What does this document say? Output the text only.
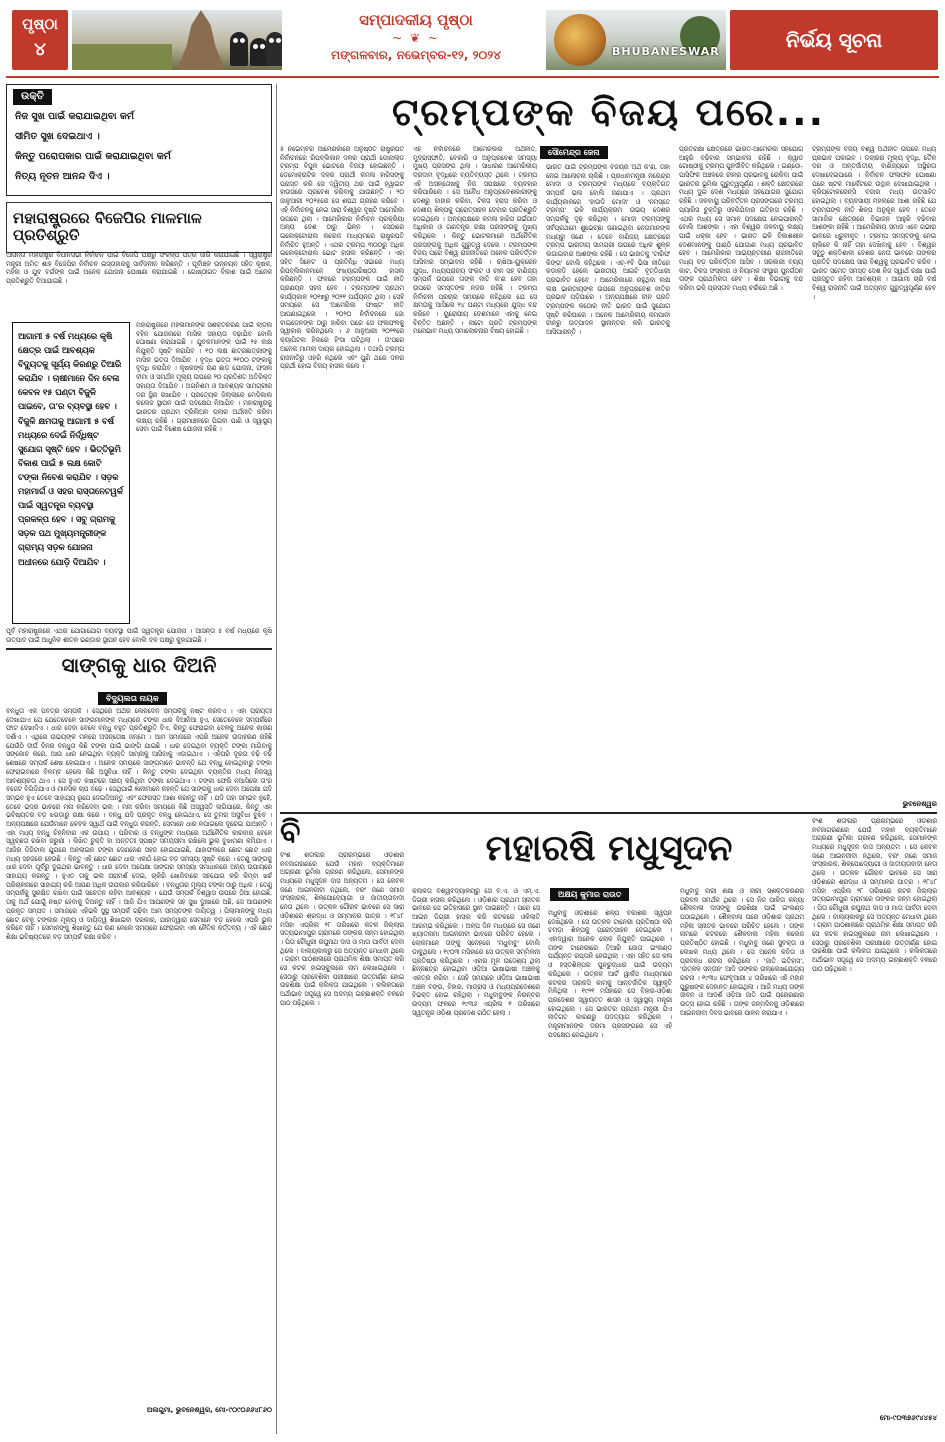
ପୃଷ୍ଠା
୪
ସମ୍ପାଦକୀୟ ପୃଷ୍ଠା
~ ❦ ~
ମଙ୍ଗଳବାର, ନଭେମ୍ବର-୧୨, ୨୦୨୪	BHUBANESWAR	ନିର୍ଭୟ ସୂଚନା
ଉକ୍ତି

ନିଜ ସୁଖ ପାଇଁ କରାଯାଇଥିବା କର୍ମ

ସୀମିତ ସୁଖ ଦେଇଥାଏ ।

କିନ୍ତୁ ପରୋପକାର ପାଇଁ କରାଯାଇଥିବା କର୍ମ

ନିତ୍ୟ ନୂତନ ଆନନ୍ଦ ଦିଏ ।

ମହାରାଷ୍ଟ୍ରରେ ବିଜେପିର ମାଳମାଳ ପ୍ରତିଶ୍ରୁତି

ଆସନ୍ତା ମହାରାଷ୍ଟ୍ର ବିଧାନସଭା ନିର୍ବାଚନ ପାଇଁ ବିଜେପି ପକ୍ଷରୁ ସଂକଳ୍ପ ପତ୍ର ଜାରି କରାଯାଇଛି । ସ୍ୱରାଷ୍ଟ୍ର ମନ୍ତ୍ରୀ ଅମିତ ଶାହ ବିଜେପିର ନିର୍ବାଚନ ଇସ୍ତାହାରକୁ ସାର୍ବଜନୀନ କରିଛନ୍ତି । ପୂର୍ବାଞ୍ଚଳ ଉନ୍ନୟନ ସହିତ କୃଷକ, ମହିଳା ଓ ଯୁବ ବର୍ଗଙ୍କ ପାଇଁ ଅନେକ ଯୋଜନା ଘୋଷଣା କରାଯାଇଛି । ଗୋଷ୍ଠୀଗତ ବିକାଶ ପାଇଁ ଅନେକ ପ୍ରତିଶ୍ରୁତି ଦିଆଯାଇଛି ।

ଆଗାମୀ ୫ ବର୍ଷ ମଧ୍ୟରେ କୃଷି କ୍ଷେତ୍ର ପାଇଁ ଆବଶ୍ୟକ ବିଦ୍ୟୁତକୁ ସୂର୍ଯ୍ୟ କିରଣରୁ ତିଆରି କରାଯିବ । ଚାଷୀମାନେ ଦିନ ବେଳା କେବଳ ୧୫ ଘଣ୍ଟା ବିଜୁଳି ପାଇବେ, ତା'ର ବ୍ୟବସ୍ଥା ହେବ । ବିଜୁଳି କ୍ଷମତାକୁ ଆଗାମୀ ୫ ବର୍ଷ ମଧ୍ୟରେ ଦେଇଁ ନିର୍ଦ୍ଧିଷ୍ଟ ସୁଯୋଗ ସୃଷ୍ଟି ହେବ । ଭିତ୍ତିଭୂମି ବିକାଶ ପାଇଁ ୫ ଲକ୍ଷ କୋଟି ଟଙ୍କା ନିବେଶ କରାଯିବ । ସଡ଼କ ମହାମାର୍ଗ ଓ ସହର ରାସ୍ତାନେଟୱର୍କ ପାଇଁ ସ୍ୱତନ୍ତ୍ର ବ୍ୟବସ୍ଥା ପ୍ରକଳ୍ପ ହେବ । ସବୁ ଗ୍ରାମକୁ ସଡ଼କ ପଥ ମୁଖ୍ୟମନ୍ତ୍ରୀଙ୍କ ଗ୍ରାମ୍ୟ ସଡ଼କ ଯୋଜନା ଅଧୀନରେ ଯୋଡ଼ି ଦିଆଯିବ ।

ମହାରାଷ୍ଟ୍ରରେ ମହିଳାମାନଙ୍କ ସଶକ୍ତିକରଣ ପାଇଁ ଲାଡ଼ଲି ବହିନ ଯୋଜନାରେ ମାସିକ ସହାୟତା ବଢ଼ାଯିବ ବୋଲି ଘୋଷଣା କରାଯାଇଛି । ଯୁବକମାନଙ୍କ ପାଇଁ ୨୫ ଲକ୍ଷ ନିଯୁକ୍ତି ସୃଷ୍ଟି କରାଯିବ । ୧୦ ଲକ୍ଷ ଛାତ୍ରଛାତ୍ରୀଙ୍କୁ ମାସିକ ଭତ୍ତା ଦିଆଯିବ । ବୃଦ୍ଧ ଭତ୍ତା ୨୧୦୦ ଟଙ୍କାକୁ ବୃଦ୍ଧି କରାଯିବ । କୃଷକଙ୍କ ଋଣ ଛାଡ଼ ଯୋଜନା, ଫସଲ ବୀମା ଓ ସମର୍ଥନ ମୂଲ୍ୟ ଉପରେ ୨୦ ପ୍ରତିଶତ ଅତିରିକ୍ତ ସହାୟତା ଦିଆଯିବ । ଅଗ୍ନିଶମ ଓ ଆବଶ୍ୟକ ସାମଗ୍ରୀର ଦର ସ୍ଥିର ରଖାଯିବ । ପ୍ରତ୍ୟେକ ଜିଲ୍ଲାରେ ମେଡିକାଲ କଲେଜ ସ୍ଥାପନ ପାଇଁ ପଦକ୍ଷେପ ନିଆଯିବ । ମହାରାଷ୍ଟ୍ରକୁ ଭାରତର ପ୍ରଥମ ଟ୍ରିଲିଅନ ଡଲାର ଅର୍ଥନୀତି କରିବା ଲକ୍ଷ୍ୟ ରହିଛି । ଗ୍ରାମାଞ୍ଚଳରେ ପିଇବା ପାଣି ଓ ସ୍ୱାସ୍ଥ୍ୟ ସେବା ପାଇଁ ବିଶେଷ ଯୋଜନା ରହିଛି ।

ପୂର୍ବ ମହାରାଷ୍ଟ୍ରରେ ଏଥର ଯୋଗାଯୋଗ ବ୍ୟବସ୍ଥା ପାଇଁ ସ୍ୱତନ୍ତ୍ର ଯୋଜନା । ଆସନ୍ତା ୫ ବର୍ଷ ମଧ୍ୟରେ କୃଷି ଉତ୍ପାଦ ପାଇଁ ଆଧୁନିକ ଶୀତଳ ଭଣ୍ଡାର ସ୍ଥାପନ ହେବ ବୋଲି ଦଳ ପକ୍ଷରୁ କୁହାଯାଇଛି ।

ସାଙ୍ଗକୁ ଧାର ଦିଅନି
ବିଦ୍ୟୁଲତା ନାୟକ

ବନ୍ଧୁତା ଏକ ପବିତ୍ର ସମ୍ପର୍କ । ସେଥିରେ ଅର୍ଥର ଲେନଦେନ ସମ୍ପର୍କକୁ ନଷ୍ଟ କରିଦିଏ । ଏହା ପ୍ରାୟତଃ ଦେଖାଯାଏ ଯେ ଯେତେବେଳେ ସାଙ୍ଗମାନଙ୍କ ମଧ୍ୟରେ ଟଙ୍କା ଧାର ଦିଆନିଆ ହୁଏ, ସେତେବେଳେ ସମ୍ପର୍କରେ ଫାଟ ଦେଖାଦିଏ । ଧାର ଦେବା ବେଳେ ବନ୍ଧୁ ବହୁତ ପ୍ରତିଶ୍ରୁତି ଦିଏ, କିନ୍ତୁ ଫେରାଇବା ବେଳକୁ ଅନେକ କାରଣ ଦର୍ଶାଏ । ଏଥିରେ ଉଭୟଙ୍କ ମନରେ ଅସନ୍ତୋଷ ଜନ୍ମେ । ଆମ ସମାଜରେ ଏପରି ଅନେକ ଉଦାହରଣ ରହିଛି ଯେଉଁଠି ଦୀର୍ଘ ଦିନର ବନ୍ଧୁତା କିଛି ଟଙ୍କା ପାଇଁ ଭାଙ୍ଗି ଯାଇଛି । ଧାର ଦେଇଥିବା ବ୍ୟକ୍ତି ଟଙ୍କା ମାଗିବାକୁ ସଙ୍କୋଚ କରେ, ଆଉ ଧାର ନେଇଥିବା ବ୍ୟକ୍ତି ସାମ୍ନାକୁ ଆସିବାକୁ ଏଡ଼ାଇଥାଏ । ଏହିପରି ଦୂରତା ବଢ଼ି ବଢ଼ି ଶେଷରେ ସମ୍ପର୍କ ଶେଷ ହୋଇଯାଏ । ଅନେକ ସମୟରେ ସାଙ୍ଗମାନେ ଭାବନ୍ତି ଯେ ବନ୍ଧୁ ହୋଇଥିବାରୁ ଟଙ୍କା ଫେରାଇବାରେ ବିଳମ୍ବ ହେଲେ କିଛି ଅସୁବିଧା ନାହିଁ । କିନ୍ତୁ ଟଙ୍କା ଦେଇଥିବା ବ୍ୟକ୍ତିର ମଧ୍ୟ ନିଜସ୍ୱ ଆବଶ୍ୟକତା ଥାଏ । ସେ ହୁଏତ କଷ୍ଟରେ ସଞ୍ଚୟ କରିଥିବା ଟଙ୍କା ଦେଇଥାଏ । ଟଙ୍କା ଫେରି ନଆସିଲେ ତା'ର ବଜେଟ ବିଗିଡ଼ିଯାଏ ଓ ମାନସିକ ଚାପ ବଢ଼େ । ସେଥିପାଇଁ ଜ୍ଞାନୀମାନେ କହନ୍ତି ଯେ ସାଙ୍ଗକୁ ଧାର ଦେବା ଅପେକ୍ଷା ଯଦି ସମ୍ଭବ ହୁଏ ତେବେ ସାହାଯ୍ୟ ରୂପେ ଦେଇଦିଅନ୍ତୁ ଏବଂ ଫେରସ୍ତ ଆଶା କରନ୍ତୁ ନାହିଁ । ଯଦି ତାହା ସମ୍ଭବ ନୁହେଁ, ତେବେ ଭଦ୍ର ଭାବରେ ମନା କରିଦେବା ଭଲ । ମନା କରିବା ସମୟରେ କିଛି ଅସ୍ୱସ୍ତି ଲାଗିପାରେ, କିନ୍ତୁ ଏହା ଭବିଷ୍ୟତର ବଡ଼ ଝଗଡ଼ାରୁ ରକ୍ଷା କରେ । ବନ୍ଧୁ ଯଦି ପ୍ରକୃତ ବନ୍ଧୁ ହୋଇଥାଏ, ସେ ତୁମର ଅସୁବିଧା ବୁଝିବ । ଅନ୍ୟପକ୍ଷରେ ଯେଉଁମାନେ କେବଳ ସ୍ୱାର୍ଥ ପାଇଁ ବନ୍ଧୁତା କରନ୍ତି, ସେମାନେ ଧାର ନପାଇଲେ ଦୂରେଇ ଯାଆନ୍ତି । ଏହା ମଧ୍ୟ ବନ୍ଧୁ ଚିହ୍ନିବାର ଏକ ଉପାୟ । ପରିବାର ଓ ବନ୍ଧୁଙ୍କ ମଧ୍ୟରେ ଅର୍ଥନୈତିକ କାରବାର ବେଳେ ସ୍ୱଚ୍ଛତା ରଖିବା ଜରୁରୀ । ଲିଖିତ ଚୁକ୍ତି ବା ଅନ୍ତତଃ ସ୍ପଷ୍ଟ ସମୟସୀମା ରଖିଲେ ଭୁଲ ବୁଝାମଣା କମିଯାଏ । ଆଜିର ଡିଜିଟାଲ ଯୁଗରେ ଅନଲାଇନ ଟଙ୍କା ଦେଣନେଣ ସହଜ ହୋଇଯାଇଛି, ଯାହାଫଳରେ ଛୋଟ ଛୋଟ ଧାର ମଧ୍ୟ ସହଜରେ ହେଉଛି । କିନ୍ତୁ ଏହି ଛୋଟ ଛୋଟ ଧାର ଏକାଠି ହୋଇ ବଡ଼ ସମସ୍ୟା ସୃଷ୍ଟି କରେ । ତେଣୁ ସାଙ୍ଗକୁ ଧାର ଦେବା ପୂର୍ବରୁ ଦୁଇଥର ଭାବନ୍ତୁ । ଧାର ଦେବା ଅପେକ୍ଷା ସାଙ୍ଗର ସମସ୍ୟା ସମାଧାନରେ ଅନ୍ୟ ଉପାୟରେ ସାହାଯ୍ୟ କରନ୍ତୁ । ହୁଏତ ତାକୁ ଭଲ ପରାମର୍ଶ ଦେଇ, ଚାକିରି ଖୋଜିବାରେ ସହଯୋଗ କରି କିମ୍ବା ଖର୍ଚ୍ଚ ପରିଚାଳନାରେ ସାହାଯ୍ୟ କରି ଆପଣ ଅଧିକ ଉପକାର କରିପାରିବେ । ବନ୍ଧୁତାର ମୂଲ୍ୟ ଟଙ୍କା ଠାରୁ ଅଧିକ । ତେଣୁ ସମ୍ପର୍କକୁ ସୁରକ୍ଷିତ ରଖିବା ପାଇଁ ସଚେତନ ରହିବା ଆବଶ୍ୟକ । ଯେଉଁ ସମ୍ପର୍କ ବିଶ୍ୱାସ ଉପରେ ଠିଆ ହୋଇଛି, ତାକୁ ଅର୍ଥ ଯୋଗୁଁ ନଷ୍ଟ ହେବାକୁ ଦିଅନ୍ତୁ ନାହିଁ । ଆଜି ଯିଏ ଆପଣଙ୍କ ସହ ସୁଖ ଦୁଃଖରେ ଅଛି, ସେ ଆପଣଙ୍କ ପ୍ରକୃତ ସମ୍ପଦ । ସମାଜରେ ଏହିଭଳି ସୁସ୍ଥ ସମ୍ପର୍କ ଗଢ଼ିବା ଆମ ସମସ୍ତଙ୍କ ଦାୟିତ୍ୱ । ପିଲାମାନଙ୍କୁ ମଧ୍ୟ ଛୋଟ ବେଳୁ ଟଙ୍କାର ମୂଲ୍ୟ ଓ ଦାୟିତ୍ୱ ଶିଖାଇବା ଦରକାର, ଯାହାଦ୍ୱାରା ସେମାନେ ବଡ଼ ହେଲେ ଏପରି ଭୁଲ କରିବେ ନାହିଁ । ସେମାନଙ୍କୁ ଶିଖାନ୍ତୁ ଯେ ଋଣ ନେଲେ ସମୟରେ ଫେରାଇବା ଏକ ନୈତିକ କର୍ତ୍ତବ୍ୟ । ଏହି ଛୋଟ ଶିକ୍ଷା ଭବିଷ୍ୟତରେ ବଡ଼ ସମ୍ପର୍କ ରକ୍ଷା କରିବ ।

ଅଲଗୁମା, ଭୁବନେଶ୍ୱର, ମୋ-୯୦୯୦୬୬୪୮୬୦

ଟ୍ରମ୍ପଙ୍କ ବିଜୟ ପରେ...
ସୌମେନ୍ଦ୍ର ଜେନା

୫ ନଭେମ୍ବର ଆମେରିକାରେ ଅନୁଷ୍ଠିତ ରାଷ୍ଟ୍ରପତି ନିର୍ବାଚନରେ ରିପବ୍ଲିକାନ ଦଳର ପ୍ରାର୍ଥୀ ଡୋନାଲ୍ଡ ଟ୍ରମ୍ପ ବିପୁଳ ଭୋଟରେ ବିଜୟୀ ହୋଇଛନ୍ତି । ଡେମୋକ୍ରାଟିକ ଦଳର ପ୍ରାର୍ଥୀ କମଳା ହାରିସଙ୍କୁ ପରାସ୍ତ କରି ସେ ଦ୍ୱିତୀୟ ଥର ପାଇଁ ହ୍ୱାଇଟ ହାଉସରେ ପ୍ରବେଶ କରିବାକୁ ଯାଉଛନ୍ତି । ୨୦ ଜାନୁଆରୀ ୨୦୨୫ରେ ସେ ଶପଥ ଗ୍ରହଣ କରିବେ । ଏହି ନିର୍ବାଚନକୁ ନେଇ ସାରା ବିଶ୍ୱର ଦୃଷ୍ଟି ଆମେରିକା ଉପରେ ଥିଲା । ଆମେରିକାର ନିର୍ବାଚନ ପ୍ରକ୍ରିୟା ଅନ୍ୟ ଦେଶ ଠାରୁ ଭିନ୍ନ । ସେଠାରେ ଇଲେକ୍ଟୋରାଲ କଲେଜ ମାଧ୍ୟମରେ ରାଷ୍ଟ୍ରପତି ନିର୍ବାଚିତ ହୁଅନ୍ତି । ଏଥର ଟ୍ରମ୍ପ ୩୦୦ରୁ ଅଧିକ ଇଲେକ୍ଟୋରାଲ ଭୋଟ ହାସଲ କରିଛନ୍ତି । ଏହା ସହିତ ସିନେଟ ଓ ପ୍ରତିନିଧି ସଭାରେ ମଧ୍ୟ ରିପବ୍ଲିକାନମାନେ ସଂଖ୍ୟାଗରିଷ୍ଠତା ହାସଲ କରିଛନ୍ତି । ଫଳରେ ଟ୍ରମ୍ପଙ୍କ ପାଇଁ ନୀତି ପ୍ରଣୟନ ସହଜ ହେବ । ଟ୍ରମ୍ପଙ୍କ ପ୍ରଥମ କାର୍ଯ୍ୟକାଳ ୨୦୧୭ରୁ ୨୦୨୧ ପର୍ଯ୍ୟନ୍ତ ଥିଲା । ସେହି ସମୟରେ ସେ 'ଆମେରିକା ଫାଷ୍ଟ' ନୀତି ଆପଣାଇଥିଲେ । ୨୦୨୦ ନିର୍ବାଚନରେ ଜୋ ବାଇଡେନଙ୍କ ଠାରୁ ହାରିବା ପରେ ସେ ଫଳାଫଳକୁ ସ୍ୱୀକାର କରିନଥିଲେ । ୬ ଜାନୁଆରୀ ୨୦୨୧ରେ କ୍ୟାପିଟଲ ହିଲରେ ହିଂସା ଘଟିଥିଲା । ତା'ପରେ ଅନେକ ମାମଲା ଦାୟର ହୋଇଥିଲା । ତଥାପି ଟ୍ରମ୍ପ ରାଜନୀତିରୁ ଓହରି ନଥିଲେ ଏବଂ ପୁଣି ଥରେ ଦଳର ପ୍ରାର୍ଥୀ ହୋଇ ବିଜୟ ହାସଲ କଲେ ।

ଏହି ନିର୍ବାଚନରେ ଆମେରିକାର ଅର୍ଥନୀତି, ମୁଦ୍ରାସ୍ଫୀତି, ବେକାରି ଓ ଅନୁପ୍ରବେଶ ସମସ୍ୟା ମୁଖ୍ୟ ପ୍ରସଙ୍ଗ ଥିଲା । ସାଧାରଣ ଆମେରିକୀୟ ଦରଦାମ ବୃଦ୍ଧିରେ ବ୍ୟତିବ୍ୟସ୍ତ ଥିଲେ । ଟ୍ରମ୍ପ ଏହି ଅସନ୍ତୋଷକୁ ନିଜ ସପକ୍ଷରେ ବ୍ୟବହାର କରିପାରିଲେ । ସେ ଅବୈଧ ଅନୁପ୍ରବେଶକାରୀଙ୍କୁ ଦେଶରୁ ବାହାର କରିବା, ଟିକସ ହ୍ରାସ କରିବା ଓ ଦେଶୀୟ ଶିଳ୍ପକୁ ପ୍ରୋତ୍ସାହନ ଦେବାର ପ୍ରତିଶ୍ରୁତି ଦେଇଥିଲେ । ଅନ୍ୟପକ୍ଷରେ କମଳା ହାରିସ ଗର୍ଭପାତ ଅଧିକାର ଓ ଗଣତନ୍ତ୍ର ରକ୍ଷା ପ୍ରସଙ୍ଗକୁ ମୁଖ୍ୟ କରିଥିଲେ । କିନ୍ତୁ ଭୋଟରମାନେ ଅର୍ଥନୈତିକ ପ୍ରସଙ୍ଗକୁ ଅଧିକ ଗୁରୁତ୍ୱ ଦେଲେ । ଟ୍ରମ୍ପଙ୍କ ବିଜୟ ପରେ ବିଶ୍ୱ ରାଜନୀତିରେ ଅନେକ ପରିବର୍ତ୍ତନ ଆସିବାର ସମ୍ଭାବନା ରହିଛି । ଋଷିଆ-ୟୁକ୍ରେନ ଯୁଦ୍ଧ, ମଧ୍ୟପ୍ରାଚ୍ୟ ସଂକଟ ଓ ଚୀନ ସହ ବାଣିଜ୍ୟ ସମ୍ପର୍କ ଉପରେ ତାଙ୍କ ନୀତି କ'ଣ ହେବ ତାହା ଉପରେ ସମସ୍ତଙ୍କ ନଜର ରହିଛି । ଟ୍ରମ୍ପ ନିର୍ବାଚନୀ ପ୍ରଚାର ସମୟରେ କହିଥିଲେ ଯେ ସେ କ୍ଷମତାକୁ ଆସିଲେ ୨୪ ଘଣ୍ଟା ମଧ୍ୟରେ ଯୁଦ୍ଧ ବନ୍ଦ କରିବେ । ୟୁରୋପୀୟ ଦେଶମାନେ ଏହାକୁ ନେଇ ଚିନ୍ତିତ ଅଛନ୍ତି । ନାଟୋ ପ୍ରତି ଟ୍ରମ୍ପଙ୍କ ମନୋଭାବ ମଧ୍ୟ ସମାଲୋଚନାର ବିଷୟ ହୋଇଛି ।

ଭାରତ ପାଇଁ ଟ୍ରମ୍ପଙ୍କ ବିଜୟର ଅର୍ଥ କ'ଣ, ତାହା ନେଇ ଆଲୋଚନା ଚାଲିଛି । ପ୍ରଧାନମନ୍ତ୍ରୀ ନରେନ୍ଦ୍ର ମୋଦୀ ଓ ଟ୍ରମ୍ପଙ୍କ ମଧ୍ୟରେ ବ୍ୟକ୍ତିଗତ ସମ୍ପର୍କ ଭଲ ବୋଲି ଜଣାଯାଏ । ପ୍ରଥମ କାର୍ଯ୍ୟକାଳରେ 'ହାଉଡି ମୋଦୀ' ଓ 'ନମସ୍ତେ ଟ୍ରମ୍ପ' ଭଳି କାର୍ଯ୍ୟକ୍ରମ ଉଭୟ ଦେଶର ସମ୍ପର୍କକୁ ଦୃଢ଼ କରିଥିଲା । ମୋଦୀ ଟ୍ରମ୍ପଙ୍କୁ ସର୍ବପ୍ରଥମେ ଶୁଭେଚ୍ଛା ଜଣାଇଥିବା ନେତାମାନଙ୍କ ମଧ୍ୟରୁ ଜଣେ । ତେବେ ବାଣିଜ୍ୟ କ୍ଷେତ୍ରରେ ଟ୍ରମ୍ପ ଭାରତୀୟ ସାମଗ୍ରୀ ଉପରେ ଅଧିକ ଶୁଳ୍କ ଲଗାଇବାର ଆଶଙ୍କା ରହିଛି । ସେ ଭାରତକୁ 'ଟାରିଫ କିଙ୍ଗ' ବୋଲି କହିଥିଲେ । ଏଚ୍-୧ବି ଭିସା ନୀତିରେ କଡ଼ାକଡ଼ି ହେଲେ ଭାରତୀୟ ଆଇଟି ବୃତ୍ତିଧାରୀ ପ୍ରଭାବିତ ହେବେ । ଆମେରିକାରେ ରହୁଥିବା ଲକ୍ଷ ଲକ୍ଷ ଭାରତୀୟଙ୍କ ଉପରେ ଅନୁପ୍ରବେଶ ନୀତିର ପ୍ରଭାବ ପଡ଼ିପାରେ । ଅନ୍ୟପକ୍ଷରେ ଚୀନ ପ୍ରତି ଟ୍ରମ୍ପଙ୍କ କଠୋର ନୀତି ଭାରତ ପାଇଁ ସୁଯୋଗ ସୃଷ୍ଟି କରିପାରେ । ଅନେକ ଆମେରିକୀୟ କମ୍ପାନୀ ଚୀନରୁ ଉତ୍ପାଦନ ସ୍ଥାନାନ୍ତର କରି ଭାରତକୁ ଆସିପାରନ୍ତି ।

ପ୍ରତିରକ୍ଷା କ୍ଷେତ୍ରରେ ଭାରତ-ଆମେରିକା ସହଯୋଗ ଆହୁରି ବଢ଼ିବାର ସମ୍ଭାବନା ରହିଛି । କ୍ୱାଡ ଗୋଷ୍ଠୀକୁ ଟ୍ରମ୍ପ ପୁନର୍ଜୀବିତ କରିଥିଲେ । ଇଣ୍ଡୋ-ପାସିଫିକ ଅଞ୍ଚଳରେ ଚୀନର ପ୍ରଭାବକୁ ରୋକିବା ପାଇଁ ଭାରତର ଭୂମିକା ଗୁରୁତ୍ୱପୂର୍ଣ୍ଣ । ଶକ୍ତି କ୍ଷେତ୍ରରେ ମଧ୍ୟ ଦୁଇ ଦେଶ ମଧ୍ୟରେ ସହଯୋଗର ସୁଯୋଗ ରହିଛି । ଜଳବାୟୁ ପରିବର୍ତ୍ତନ ପ୍ରସଙ୍ଗରେ ଟ୍ରମ୍ପ ପ୍ୟାରିସ ଚୁକ୍ତିରୁ ଓହରିଯିବାର ଇତିହାସ ରହିଛି । ଏଥର ମଧ୍ୟ ସେ ସମାନ ପଦକ୍ଷେପ ନେଇପାରନ୍ତି ବୋଲି ଆଶଙ୍କା । ଏହା ବିଶ୍ୱର ଜଳବାୟୁ ଲକ୍ଷ୍ୟ ପାଇଁ ଧକ୍କା ହେବ । ଭାରତ ଭଳି ବିକାଶଶୀଳ ଦେଶମାନଙ୍କୁ ପାଣ୍ଠି ଯୋଗାଣ ମଧ୍ୟ ପ୍ରଭାବିତ ହେବ । ଆମେରିକାର ଆଭ୍ୟନ୍ତରୀଣ ରାଜନୀତିରେ ମଧ୍ୟ ବଡ଼ ପରିବର୍ତ୍ତନ ଆସିବ । ସରକାରୀ ବ୍ୟୟ କାଟ, ଟିକସ ସଂସ୍କାର ଓ ନିୟାମକ ସଂସ୍ଥାର ପୁନର୍ଗଠନ ତାଙ୍କ ପ୍ରାଥମିକତା ହେବ । ଶିକ୍ଷା ବିଭାଗକୁ ବନ୍ଦ କରିବା ଭଳି ପ୍ରସ୍ତାବ ମଧ୍ୟ ଚର୍ଚ୍ଚାରେ ଅଛି ।

ଟ୍ରମ୍ପଙ୍କ ବିଜୟ ବିଶ୍ୱ ଅର୍ଥନୀତି ଉପରେ ମଧ୍ୟ ପ୍ରଭାବ ପକାଇବ । ଡଲାରର ମୂଲ୍ୟ ବୃଦ୍ଧି, ତୈଳ ଦର ଓ ଅନ୍ତର୍ଜାତୀୟ ବାଣିଜ୍ୟରେ ଅସ୍ଥିରତା ଦେଖାଦେଇପାରେ । ନିର୍ବାଚନ ଫଳାଫଳ ଘୋଷଣା ପରେ ଷ୍ଟକ ମାର୍କେଟରେ ଉତ୍ଥାନ ଦେଖାଯାଇଥିଲା । କ୍ରିପ୍ଟୋକରେନ୍ସି ବଜାର ମଧ୍ୟ ଉତ୍ସାହିତ ହୋଇଥିଲା । ବ୍ୟବସାୟୀ ମହଲରେ ଆଶା ରହିଛି ଯେ ଟ୍ରମ୍ପଙ୍କ ନୀତି ଶିଳ୍ପ ଅନୁକୂଳ ହେବ । ତେବେ ସାମାଜିକ କ୍ଷେତ୍ରରେ ବିଭାଜନ ଆହୁରି ବଢ଼ିବାର ଆଶଙ୍କା ରହିଛି । ଆମେରିକୀୟ ସମାଜ ଏବେ ଗଭୀର ଭାବରେ ଧ୍ରୁବୀକୃତ । ଟ୍ରମ୍ପ ସମସ୍ତଙ୍କୁ ନେଇ ଚାଲିବେ କି ନାହିଁ ତାହା ଦେଖିବାକୁ ହେବ । ବିଶ୍ୱର ସବୁଠୁ ଶକ୍ତିଶାଳୀ ଦେଶର ନେତା ଭାବରେ ତାଙ୍କର ପ୍ରତିଟି ପଦକ୍ଷେପ ସାରା ବିଶ୍ୱକୁ ପ୍ରଭାବିତ କରିବ । ଭାରତ ସମେତ ସମସ୍ତ ଦେଶ ନିଜ ସ୍ୱାର୍ଥ ରକ୍ଷା ପାଇଁ ପ୍ରସ୍ତୁତ ରହିବା ଆବଶ୍ୟକ । ଆଗାମୀ ଚାରି ବର୍ଷ ବିଶ୍ୱ ରାଜନୀତି ପାଇଁ ଅତ୍ୟନ୍ତ ଗୁରୁତ୍ୱପୂର୍ଣ୍ଣ ହେବ ।

ଭୁବନେଶ୍ୱର

ବି	ମହାରଷି ମଧୁସୂଦନ
ଅକ୍ଷୟ କୁମାର ରାଉତ

ବିଂଶ ଶତାବ୍ଦୀର ପ୍ରାରମ୍ଭରେ ଓଡ଼ିଶାର ନବଜାଗରଣରେ ଯେଉଁ ମହାନ ବ୍ୟକ୍ତିମାନେ ଅଗ୍ରଣୀ ଭୂମିକା ଗ୍ରହଣ କରିଥିଲେ, ସେମାନଙ୍କ ମଧ୍ୟରେ ମଧୁସୂଦନ ଦାସ ଅନ୍ୟତମ । ସେ କେବଳ ଜଣେ ଆଇନଜୀବୀ ନଥିଲେ, ବରଂ ଜଣେ ସମାଜ ସଂସ୍କାରକ, ଶିଳ୍ପୋଦ୍ୟୋଗୀ ଓ ଜାତୀୟତାବାଦୀ ନେତା ଥିଲେ । ଉତ୍କଳ ଗୌରବ ଭାବରେ ସେ ସାରା ଓଡ଼ିଶାରେ ଶ୍ରଦ୍ଧା ଓ ସମ୍ମାନର ପାତ୍ର । ୧୮୪୮ ମସିହା ଏପ୍ରିଲ ୨୮ ତାରିଖରେ କଟକ ଜିଲ୍ଲାର ସତ୍ୟଭାମାପୁର ଗ୍ରାମରେ ତାଙ୍କର ଜନ୍ମ ହୋଇଥିଲା । ପିତା ଚୌଧୁରୀ ରଘୁନାଥ ଦାସ ଓ ମାତା ପାର୍ବତୀ ଦେବୀ ଥିଲେ । ବାଲ୍ୟକାଳରୁ ସେ ଅତ୍ୟନ୍ତ ମେଧାବୀ ଥିଲେ । ଗ୍ରାମ ପାଠଶାଳାରେ ପ୍ରାଥମିକ ଶିକ୍ଷା ସମାପ୍ତ କରି ସେ କଟକ ହାଇସ୍କୁଲରେ ନାମ ଲେଖାଇଥିଲେ । ସେଠାରୁ ପ୍ରବେଶିକା ପରୀକ୍ଷାରେ ଉତ୍ତୀର୍ଣ୍ଣ ହୋଇ ଉଚ୍ଚଶିକ୍ଷା ପାଇଁ କଲିକତା ଯାଇଥିଲେ । କଲିକତାରେ ଅର୍ଥାଭାବ ସତ୍ତ୍ୱେ ସେ ଅଦମ୍ୟ ଇଚ୍ଛାଶକ୍ତି ବଳରେ ପାଠ ପଢ଼ିଥିଲେ ।

କଲିକତା ବିଶ୍ୱବିଦ୍ୟାଳୟରୁ ସେ ବି.ଏ. ଓ ଏମ୍.ଏ. ଡିଗ୍ରୀ ହାସଲ କରିଥିଲେ । ଓଡ଼ିଶାର ପ୍ରଥମ ସ୍ନାତକ ଭାବରେ ସେ ଇତିହାସରେ ସ୍ଥାନ ପାଇଛନ୍ତି । ପରେ ସେ ଆଇନ ଡିଗ୍ରୀ ହାସଲ କରି କଟକରେ ଓକିଲାତି ଆରମ୍ଭ କରିଥିଲେ । ଅଳ୍ପ ଦିନ ମଧ୍ୟରେ ସେ ଜଣେ ଖ୍ୟାତନାମା ଆଇନଜୀବୀ ଭାବରେ ପରିଚିତ ହେଲେ । ଲୋକମାନେ ତାଙ୍କୁ ସ୍ନେହରେ 'ମଧୁବାବୁ' ବୋଲି ଡାକୁଥିଲେ । ୧୯୦୩ ମସିହାରେ ସେ ଉତ୍କଳ ସମ୍ମିଳନୀ ପ୍ରତିଷ୍ଠା କରିଥିଲେ । ଏହାର ମୂଳ ଉଦ୍ଦେଶ୍ୟ ଥିଲା ଛିନ୍ନଛତ୍ର ହୋଇଥିବା ଓଡ଼ିଆ ଭାଷାଭାଷୀ ଅଞ୍ଚଳକୁ ଏକତ୍ର କରିବା । ସେହି ସମୟରେ ଓଡ଼ିଆ ଭାଷାଭାଷୀ ଅଞ୍ଚଳ ବଙ୍ଗ, ବିହାର, ମାଡ୍ରାସ ଓ ମଧ୍ୟପ୍ରଦେଶରେ ବିଭକ୍ତ ହୋଇ ରହିଥିଲା । ମଧୁବାବୁଙ୍କ ନିରନ୍ତର ଉଦ୍ୟମ ଫଳରେ ୧୯୩୬ ଏପ୍ରିଲ ୧ ତାରିଖରେ ସ୍ୱତନ୍ତ୍ର ଓଡ଼ିଶା ପ୍ରଦେଶ ଗଠିତ ହେଲା ।

ମଧୁବାବୁ ଓଡ଼ିଶାରେ ଶିଳ୍ପ ବିକାଶର ସ୍ୱପ୍ନ ଦେଖିଥିଲେ । ସେ ଉତ୍କଳ ଟାନେରୀ ପ୍ରତିଷ୍ଠା କରି ଚମଡ଼ା ଶିଳ୍ପକୁ ପ୍ରୋତ୍ସାହନ ଦେଇଥିଲେ । ଏହାଦ୍ୱାରା ଅନେକ ଲୋକ ନିଯୁକ୍ତି ପାଇଥିଲେ । ତାଙ୍କ ଟାନେରୀରେ ତିଆରି ଜୋତା ଇଂଲଣ୍ଡ ପର୍ଯ୍ୟନ୍ତ ରପ୍ତାନି ହେଉଥିଲା । ଏହା ସହିତ ସେ କଳା ଓ ହସ୍ତଶିଳ୍ପର ପୁନରୁଦ୍ଧାର ପାଇଁ ଉଦ୍ୟମ କରିଥିଲେ । ଉତ୍କଳ ଆର୍ଟ ୱାର୍କସ ମାଧ୍ୟମରେ କଟକର ତାରକସି କାମକୁ ଆନ୍ତର୍ଜାତିକ ସ୍ୱୀକୃତି ମିଳିଥିଲା । ୧୯୨୧ ମସିହାରେ ସେ ବିହାର-ଓଡ଼ିଶା ପ୍ରଦେଶର ସ୍ୱାୟତ୍ତ ଶାସନ ଓ ସ୍ୱାସ୍ଥ୍ୟ ମନ୍ତ୍ରୀ ହୋଇଥିଲେ । ସେ ଭାରତର ପ୍ରଥମ ମନ୍ତ୍ରୀ ଯିଏ ନୀତିଗତ କାରଣରୁ ପଦତ୍ୟାଗ କରିଥିଲେ । ମନ୍ତ୍ରୀମାନଙ୍କ ଦରମା ପ୍ରସଙ୍ଗରେ ସେ ଏହି ପଦକ୍ଷେପ ନେଇଥିଲେ ।

ମଧୁବାବୁ ନାରୀ ଶିକ୍ଷା ଓ ନାରୀ ସଶକ୍ତିକରଣର ପ୍ରବଳ ସମର୍ଥକ ଥିଲେ । ସେ ନିଜ ପାଳିତା କନ୍ୟା ଶୈଳବାଳା ଦାସଙ୍କୁ ଉଚ୍ଚଶିକ୍ଷା ପାଇଁ ଇଂଲଣ୍ଡ ପଠାଇଥିଲେ । ଶୈଳବାଳା ପରେ ଓଡ଼ିଶାର ପ୍ରଥମ ମହିଳା ସ୍ନାତକ ଭାବରେ ପରିଚିତ ହେଲେ । ତାଙ୍କ ନାମରେ କଟକରେ ଶୈଳବାଳା ମହିଳା କଲେଜ ପ୍ରତିଷ୍ଠିତ ହୋଇଛି । ମଧୁବାବୁ ଜଣେ ସୁବକ୍ତା ଓ ଲେଖକ ମଧ୍ୟ ଥିଲେ । ସେ ଅନେକ କବିତା ଓ ପ୍ରବନ୍ଧ ରଚନା କରିଥିଲେ । 'ଜାତି ଇତିହାସ', 'ଉତ୍କଳ ସନ୍ତାନ' ଆଦି ତାଙ୍କର ଉଲ୍ଲେଖଯୋଗ୍ୟ ରଚନା । ୧୯୩୪ ଫେବୃଆରୀ ୪ ତାରିଖରେ ଏହି ମହାନ ପୁରୁଷଙ୍କ ଦେହାନ୍ତ ହୋଇଥିଲା । ଆଜି ମଧ୍ୟ ତାଙ୍କ ଜୀବନ ଓ ଆଦର୍ଶ ଓଡ଼ିଆ ଜାତି ପାଇଁ ପ୍ରେରଣାର ଉତ୍ସ ହୋଇ ରହିଛି । ତାଙ୍କ ଜନ୍ମଦିନକୁ ଓଡ଼ିଶାରେ ଆଇନଜୀବୀ ଦିବସ ଭାବରେ ପାଳନ କରାଯାଏ ।

ବିଂଶ ଶତାବ୍ଦୀର ପ୍ରାରମ୍ଭରେ ଓଡ଼ିଶାର ନବଜାଗରଣରେ ଯେଉଁ ମହାନ ବ୍ୟକ୍ତିମାନେ ଅଗ୍ରଣୀ ଭୂମିକା ଗ୍ରହଣ କରିଥିଲେ, ସେମାନଙ୍କ ମଧ୍ୟରେ ମଧୁସୂଦନ ଦାସ ଅନ୍ୟତମ । ସେ କେବଳ ଜଣେ ଆଇନଜୀବୀ ନଥିଲେ, ବରଂ ଜଣେ ସମାଜ ସଂସ୍କାରକ, ଶିଳ୍ପୋଦ୍ୟୋଗୀ ଓ ଜାତୀୟତାବାଦୀ ନେତା ଥିଲେ । ଉତ୍କଳ ଗୌରବ ଭାବରେ ସେ ସାରା ଓଡ଼ିଶାରେ ଶ୍ରଦ୍ଧା ଓ ସମ୍ମାନର ପାତ୍ର । ୧୮୪୮ ମସିହା ଏପ୍ରିଲ ୨୮ ତାରିଖରେ କଟକ ଜିଲ୍ଲାର ସତ୍ୟଭାମାପୁର ଗ୍ରାମରେ ତାଙ୍କର ଜନ୍ମ ହୋଇଥିଲା । ପିତା ଚୌଧୁରୀ ରଘୁନାଥ ଦାସ ଓ ମାତା ପାର୍ବତୀ ଦେବୀ ଥିଲେ । ବାଲ୍ୟକାଳରୁ ସେ ଅତ୍ୟନ୍ତ ମେଧାବୀ ଥିଲେ । ଗ୍ରାମ ପାଠଶାଳାରେ ପ୍ରାଥମିକ ଶିକ୍ଷା ସମାପ୍ତ କରି ସେ କଟକ ହାଇସ୍କୁଲରେ ନାମ ଲେଖାଇଥିଲେ । ସେଠାରୁ ପ୍ରବେଶିକା ପରୀକ୍ଷାରେ ଉତ୍ତୀର୍ଣ୍ଣ ହୋଇ ଉଚ୍ଚଶିକ୍ଷା ପାଇଁ କଲିକତା ଯାଇଥିଲେ । କଲିକତାରେ ଅର୍ଥାଭାବ ସତ୍ତ୍ୱେ ସେ ଅଦମ୍ୟ ଇଚ୍ଛାଶକ୍ତି ବଳରେ ପାଠ ପଢ଼ିଥିଲେ ।

ମୋ-୯୦୩୭୬୯୪୪୫୪
